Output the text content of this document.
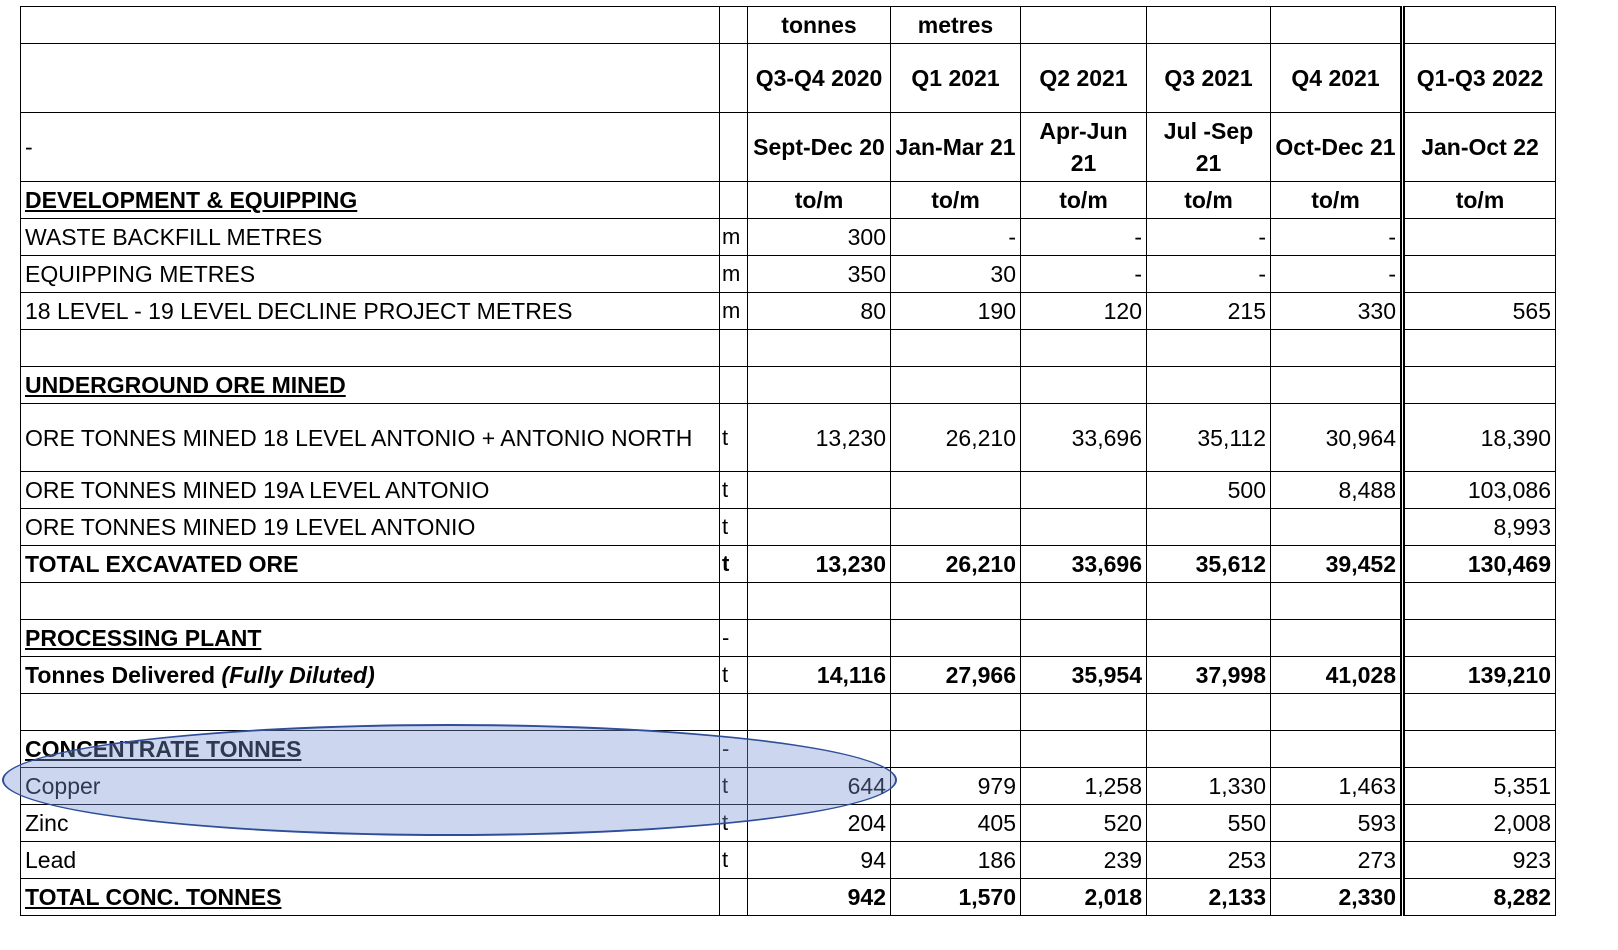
		tonnes	metres				
		Q3-Q4 2020	Q1 2021	Q2 2021	Q3 2021	Q4 2021	Q1-Q3 2022
-		Sept-Dec 20	Jan-Mar 21	Apr-Jun 21	Jul -Sep 21	Oct-Dec 21	Jan-Oct 22
DEVELOPMENT & EQUIPPING		to/m	to/m	to/m	to/m	to/m	to/m
WASTE BACKFILL METRES	m	300	-	-	-	-	
EQUIPPING METRES	m	350	30	-	-	-	
18 LEVEL - 19 LEVEL DECLINE PROJECT METRES	m	80	190	120	215	330	565

UNDERGROUND ORE MINED							
ORE TONNES MINED 18 LEVEL ANTONIO + ANTONIO NORTH	t	13,230	26,210	33,696	35,112	30,964	18,390
ORE TONNES MINED 19A LEVEL ANTONIO	t				500	8,488	103,086
ORE TONNES MINED 19 LEVEL ANTONIO	t						8,993
TOTAL EXCAVATED ORE	t	13,230	26,210	33,696	35,612	39,452	130,469

PROCESSING PLANT	-						
Tonnes Delivered (Fully Diluted)	t	14,116	27,966	35,954	37,998	41,028	139,210

CONCENTRATE TONNES	-						
Copper	t	644	979	1,258	1,330	1,463	5,351
Zinc	t	204	405	520	550	593	2,008
Lead	t	94	186	239	253	273	923
TOTAL CONC. TONNES		942	1,570	2,018	2,133	2,330	8,282
